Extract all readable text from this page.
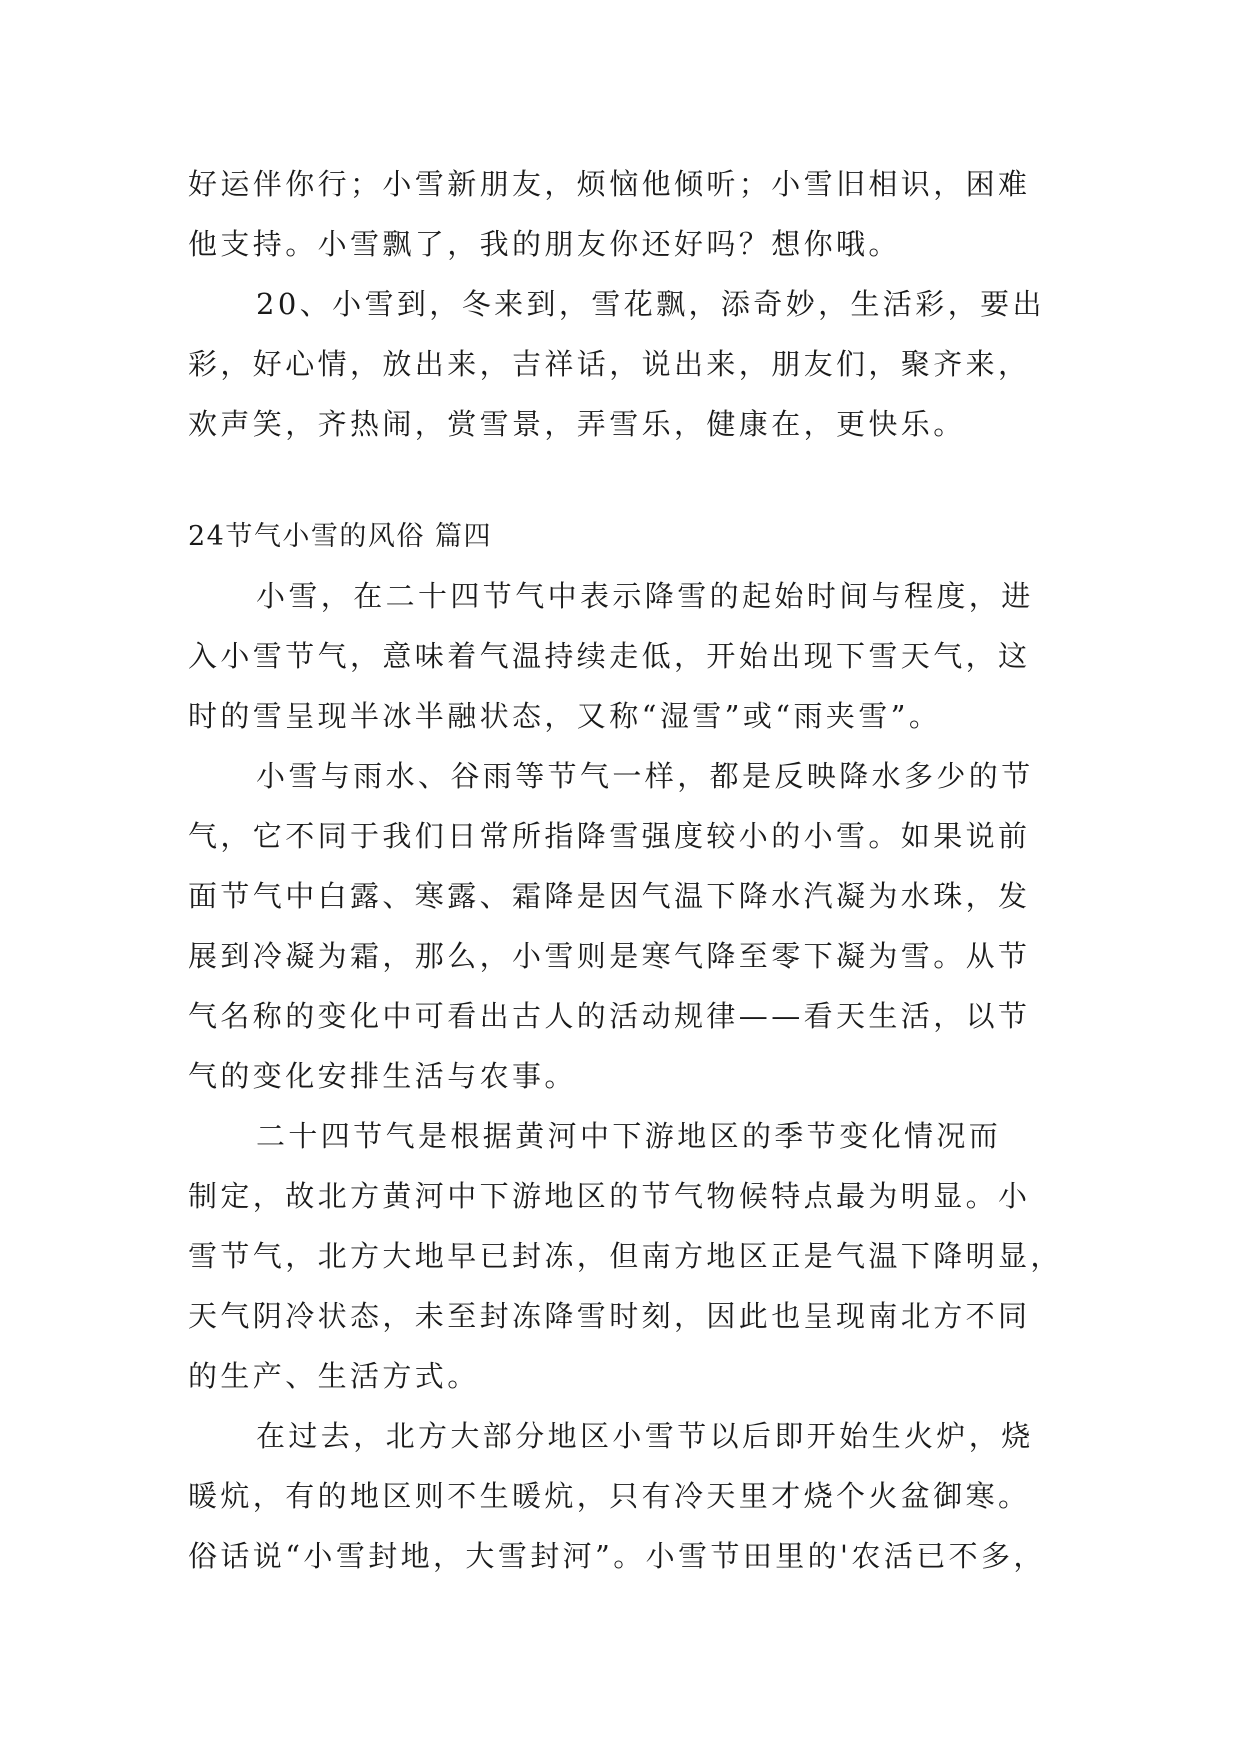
好运伴你行；小雪新朋友，烦恼他倾听；小雪旧相识，困难
他支持。小雪飘了，我的朋友你还好吗？想你哦。
20、小雪到，冬来到，雪花飘，添奇妙，生活彩，要出
彩，好心情，放出来，吉祥话，说出来，朋友们，聚齐来，
欢声笑，齐热闹，赏雪景，弄雪乐，健康在，更快乐。
24节气小雪的风俗 篇四
小雪，在二十四节气中表示降雪的起始时间与程度，进
入小雪节气，意味着气温持续走低，开始出现下雪天气，这
时的雪呈现半冰半融状态，又称“湿雪”或“雨夹雪”。
小雪与雨水、谷雨等节气一样，都是反映降水多少的节
气，它不同于我们日常所指降雪强度较小的小雪。如果说前
面节气中白露、寒露、霜降是因气温下降水汽凝为水珠，发
展到冷凝为霜，那么，小雪则是寒气降至零下凝为雪。从节
气名称的变化中可看出古人的活动规律——看天生活，以节
气的变化安排生活与农事。
二十四节气是根据黄河中下游地区的季节变化情况而
制定，故北方黄河中下游地区的节气物候特点最为明显。小
雪节气，北方大地早已封冻，但南方地区正是气温下降明显，
天气阴冷状态，未至封冻降雪时刻，因此也呈现南北方不同
的生产、生活方式。
在过去，北方大部分地区小雪节以后即开始生火炉，烧
暖炕，有的地区则不生暖炕，只有冷天里才烧个火盆御寒。
俗话说“小雪封地，大雪封河”。小雪节田里的'农活已不多，
